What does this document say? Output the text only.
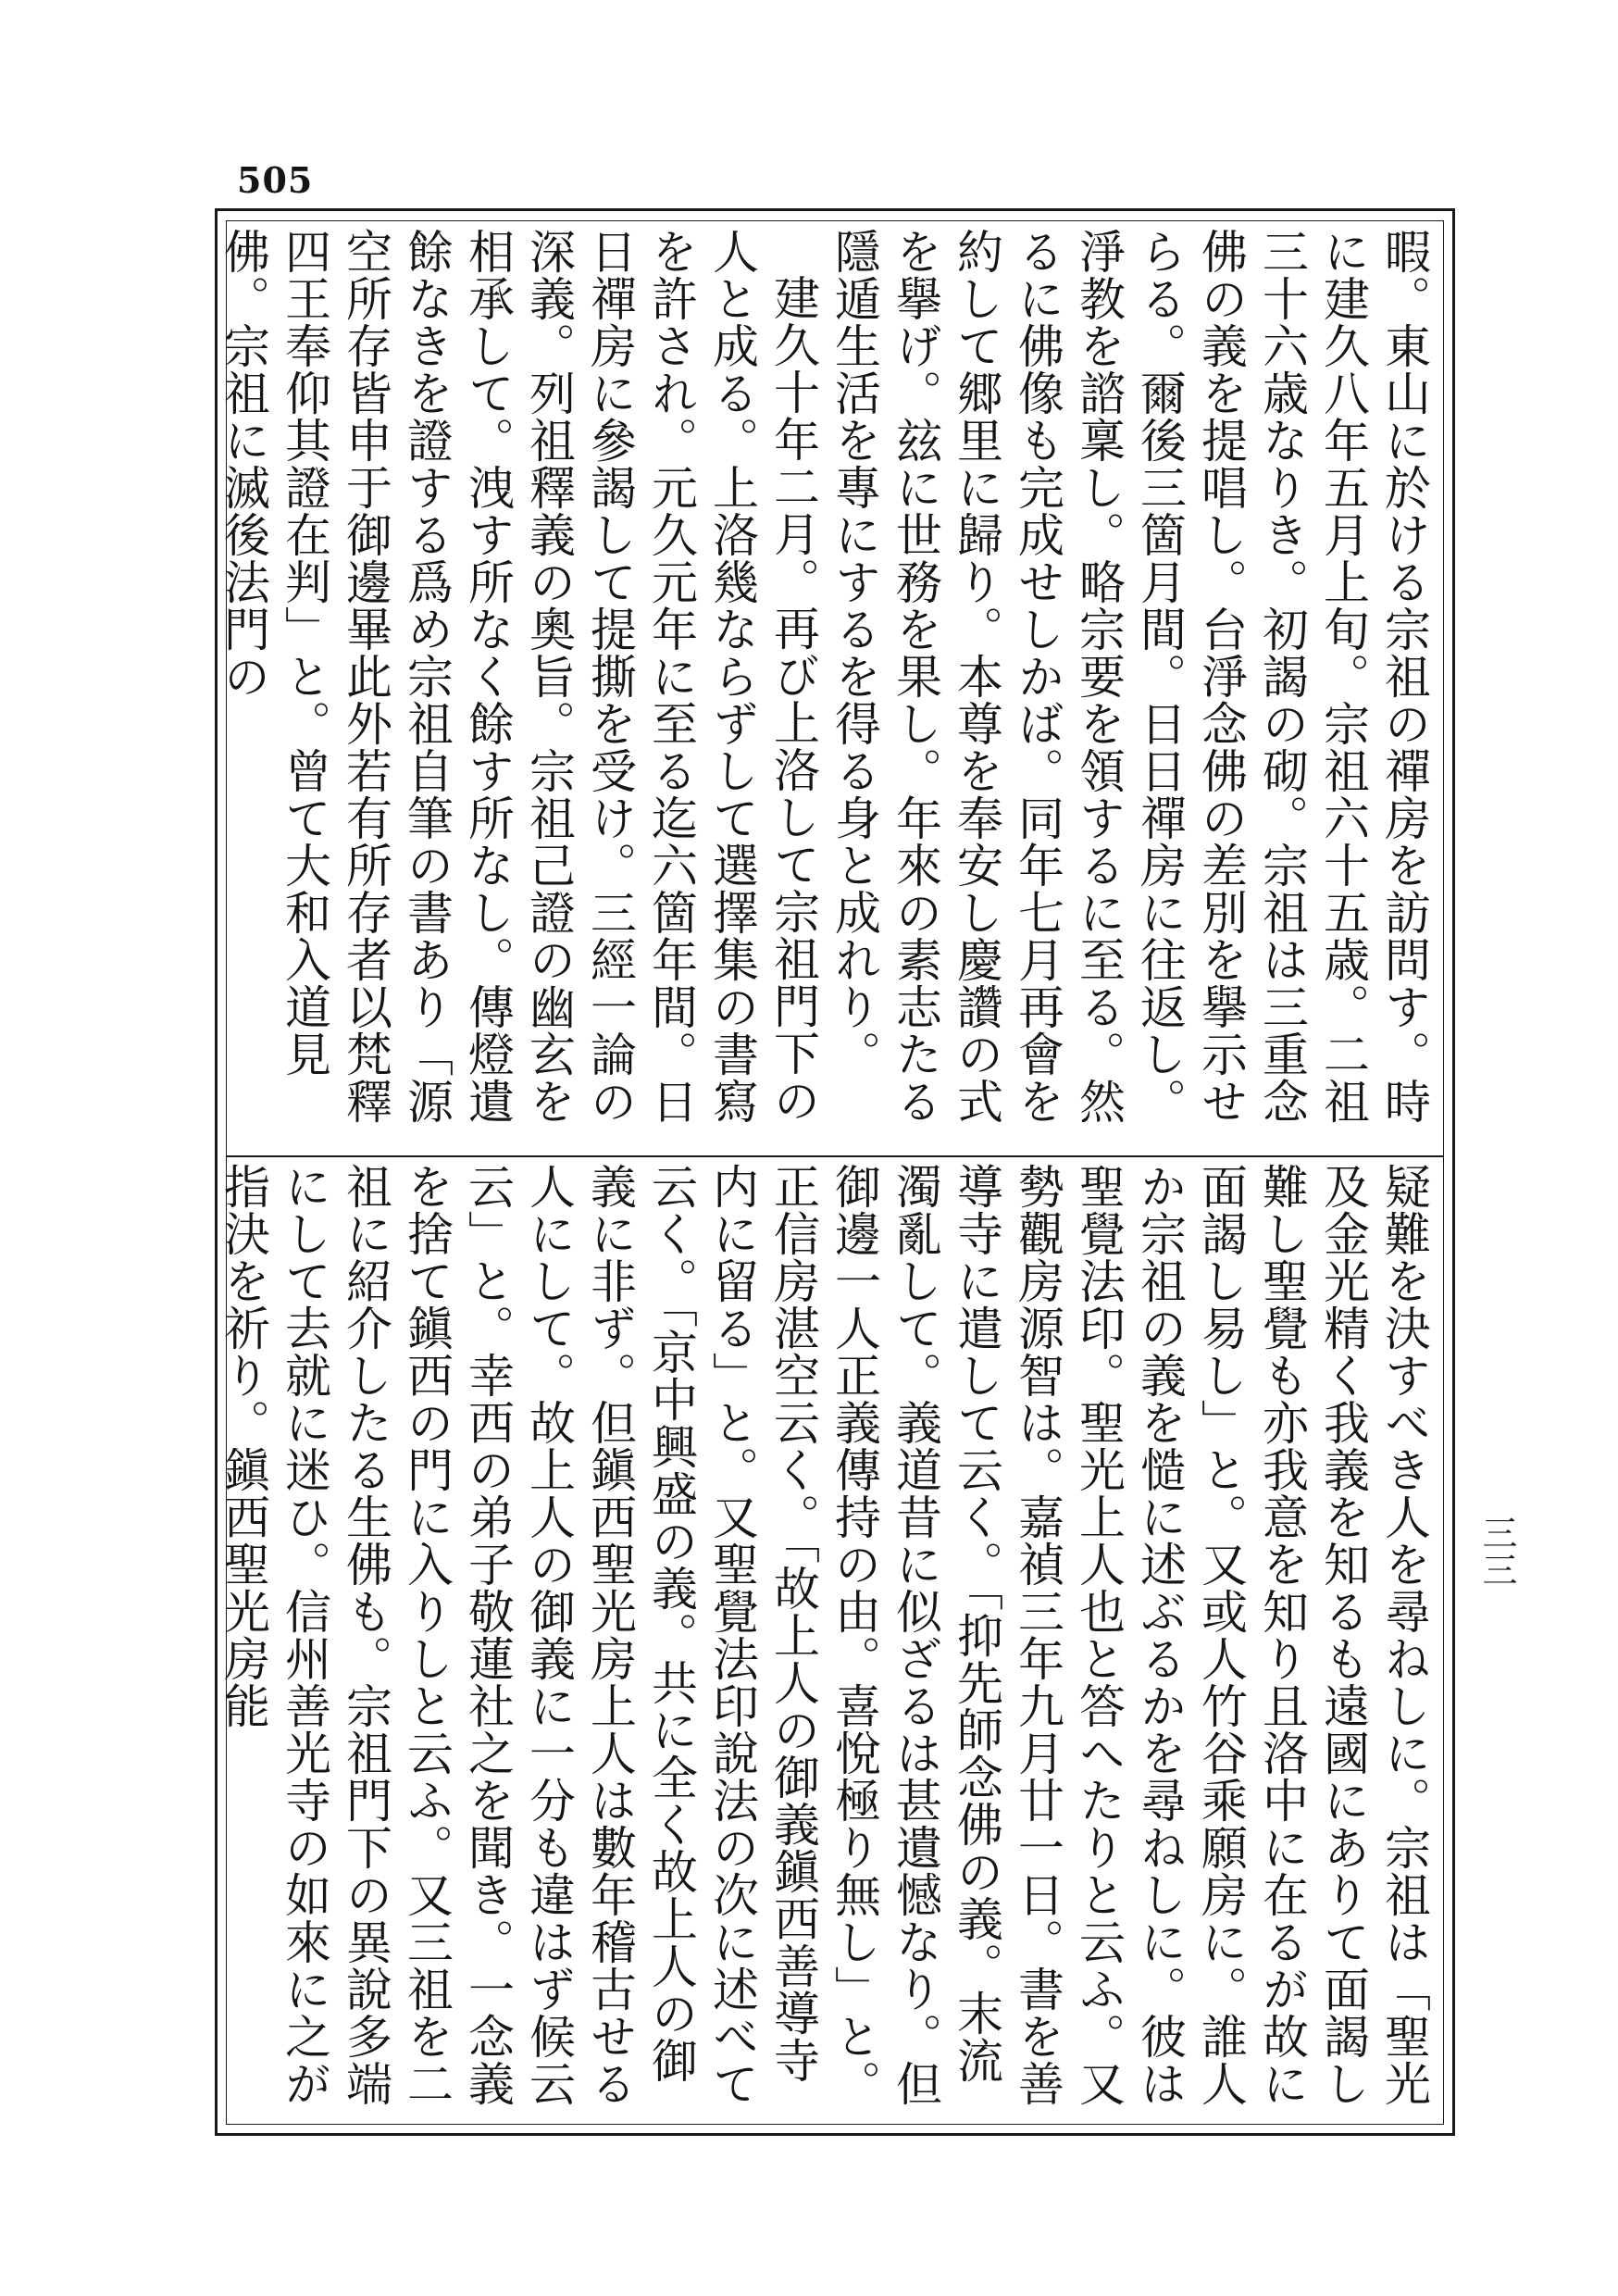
505

暇。東山に於ける宗祖の禪房を訪問す。時に建久八年五月上旬。宗祖六十五歳。二祖三十六歳なりき。初謁の砌。宗祖は三重念佛の義を提唱し。台淨念佛の差別を擧示せらる。爾後三箇月間。日日禪房に往返し。淨教を諮稟し。略宗要を領するに至る。然るに佛像も完成せしかば。同年七月再會を約して郷里に歸り。本尊を奉安し慶讚の式を擧げ。玆に世務を果し。年來の素志たる隱遁生活を專にするを得る身と成れり。

建久十年二月。再び上洛して宗祖門下の人と成る。上洛幾ならずして選擇集の書寫を許され。元久元年に至る迄六箇年間。日日禪房に參謁して提撕を受け。三經一論の深義。列祖釋義の奧旨。宗祖己證の幽玄を相承して。洩す所なく餘す所なし。傳燈遺餘なきを證する爲め宗祖自筆の書あり「源空所存皆申于御邊畢此外若有所存者以梵釋四王奉仰其證在判」と。曾て大和入道見佛。宗祖に滅後法門の

疑難を決すべき人を尋ねしに。宗祖は「聖光及金光精く我義を知るも遠國にありて面謁し難し聖覺も亦我意を知り且洛中に在るが故に面謁し易し」と。又或人竹谷乘願房に。誰人か宗祖の義を慥に述ぶるかを尋ねしに。彼は聖覺法印。聖光上人也と答へたりと云ふ。又勢觀房源智は。嘉禎三年九月廿一日。書を善導寺に遣して云く。「抑先師念佛の義。末流濁亂して。義道昔に似ざるは甚遺憾なり。但御邊一人正義傳持の由。喜悅極り無し」と。正信房湛空云く。「故上人の御義鎭西善導寺内に留る」と。又聖覺法印說法の次に述べて云く。「京中興盛の義。共に全く故上人の御義に非ず。但鎭西聖光房上人は數年稽古せる人にして。故上人の御義に一分も違はず候云云」と。幸西の弟子敬蓮社之を聞き。一念義を捨て鎭西の門に入りしと云ふ。又三祖を二祖に紹介したる生佛も。宗祖門下の異說多端にして去就に迷ひ。信州善光寺の如來に之が指決を祈り。鎭西聖光房能	三三
